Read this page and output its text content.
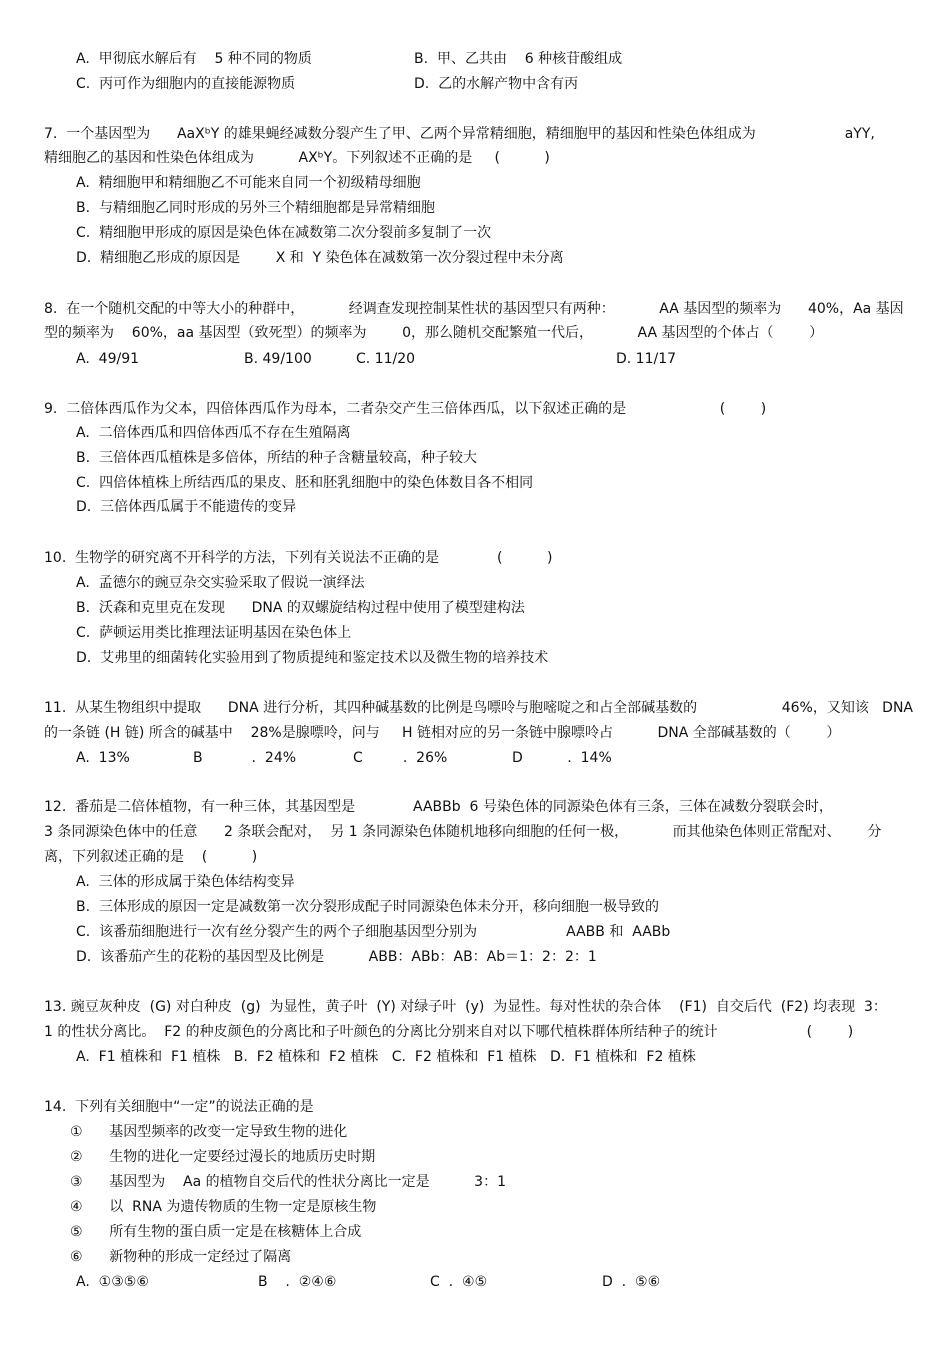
A.  甲彻底水解后有    5 种不同的物质	B.  甲、乙共由    6 种核苷酸组成
C.  丙可作为细胞内的直接能源物质	D.  乙的水解产物中含有丙
7.  一个基因型为      AaXᵇY 的雄果蝇经减数分裂产生了甲、乙两个异常精细胞，精细胞甲的基因和性染色体组成为                    aYY,
精细胞乙的基因和性染色体组成为          AXᵇY。下列叙述不正确的是     (          )
A.  精细胞甲和精细胞乙不可能来自同一个初级精母细胞
B.  与精细胞乙同时形成的另外三个精细胞都是异常精细胞
C.  精细胞甲形成的原因是染色体在减数第二次分裂前多复制了一次
D.  精细胞乙形成的原因是        X 和  Y 染色体在减数第一次分裂过程中未分离
8.  在一个随机交配的中等大小的种群中，          经调查发现控制某性状的基因型只有两种：          AA 基因型的频率为      40%，Aa 基因
型的频率为    60%，aa 基因型（致死型）的频率为        0，那么随机交配繁殖一代后，          AA 基因型的个体占（        ）
A.  49/91	B. 49/100	C. 11/20	D. 11/17
9.  二倍体西瓜作为父本，四倍体西瓜作为母本，二者杂交产生三倍体西瓜，以下叙述正确的是                     (        )
A.  二倍体西瓜和四倍体西瓜不存在生殖隔离
B.  三倍体西瓜植株是多倍体，所结的种子含糖量较高，种子较大
C.  四倍体植株上所结西瓜的果皮、胚和胚乳细胞中的染色体数目各不相同
D.  三倍体西瓜属于不能遗传的变异
10.  生物学的研究离不开科学的方法，下列有关说法不正确的是             (          )
A.  孟德尔的豌豆杂交实验采取了假说一演绎法
B.  沃森和克里克在发现      DNA 的双螺旋结构过程中使用了模型建构法
C.  萨顿运用类比推理法证明基因在染色体上
D.  艾弗里的细菌转化实验用到了物质提纯和鉴定技术以及微生物的培养技术
11.  从某生物组织中提取      DNA 进行分析，其四种碱基数的比例是鸟嘌呤与胞嘧啶之和占全部碱基数的                   46%，又知该   DNA
的一条链 (H 链) 所含的碱基中    28%是腺嘌呤，问与     H 链相对应的另一条链中腺嘌呤占          DNA 全部碱基数的（        ）
A.  13%	B           .  24%	C         .  26%	D          .  14%
12.  番茄是二倍体植物，有一种三体，其基因型是             AABBb  6 号染色体的同源染色体有三条，三体在减数分裂联会时，
3 条同源染色体中的任意      2 条联会配对，  另 1 条同源染色体随机地移向细胞的任何一极，          而其他染色体则正常配对、      分
离，下列叙述正确的是    (          )
A.  三体的形成属于染色体结构变异
B.  三体形成的原因一定是减数第一次分裂形成配子时同源染色体未分开，移向细胞一极导致的
C.  该番茄细胞进行一次有丝分裂产生的两个子细胞基因型分别为                    AABB 和  AABb
D.  该番茄产生的花粉的基因型及比例是          ABB：ABb：AB：Ab＝1：2：2：1
13. 豌豆灰种皮  (G) 对白种皮  (g)  为显性，黄子叶  (Y) 对绿子叶  (y)  为显性。每对性状的杂合体    (F1)  自交后代  (F2) 均表现  3：
1 的性状分离比。  F2 的种皮颜色的分离比和子叶颜色的分离比分别来自对以下哪代植株群体所结种子的统计                    (        )
A.  F1 植株和  F1 植株   B.  F2 植株和  F2 植株   C.  F2 植株和  F1 植株   D.  F1 植株和  F2 植株
14.  下列有关细胞中“一定”的说法正确的是
①      基因型频率的改变一定导致生物的进化
②      生物的进化一定要经过漫长的地质历史时期
③      基因型为    Aa 的植物自交后代的性状分离比一定是          3：1
④      以  RNA 为遗传物质的生物一定是原核生物
⑤      所有生物的蛋白质一定是在核糖体上合成
⑥      新物种的形成一定经过了隔离
A.  ①③⑤⑥	B    .  ②④⑥	C  .  ④⑤	D  .  ⑤⑥
